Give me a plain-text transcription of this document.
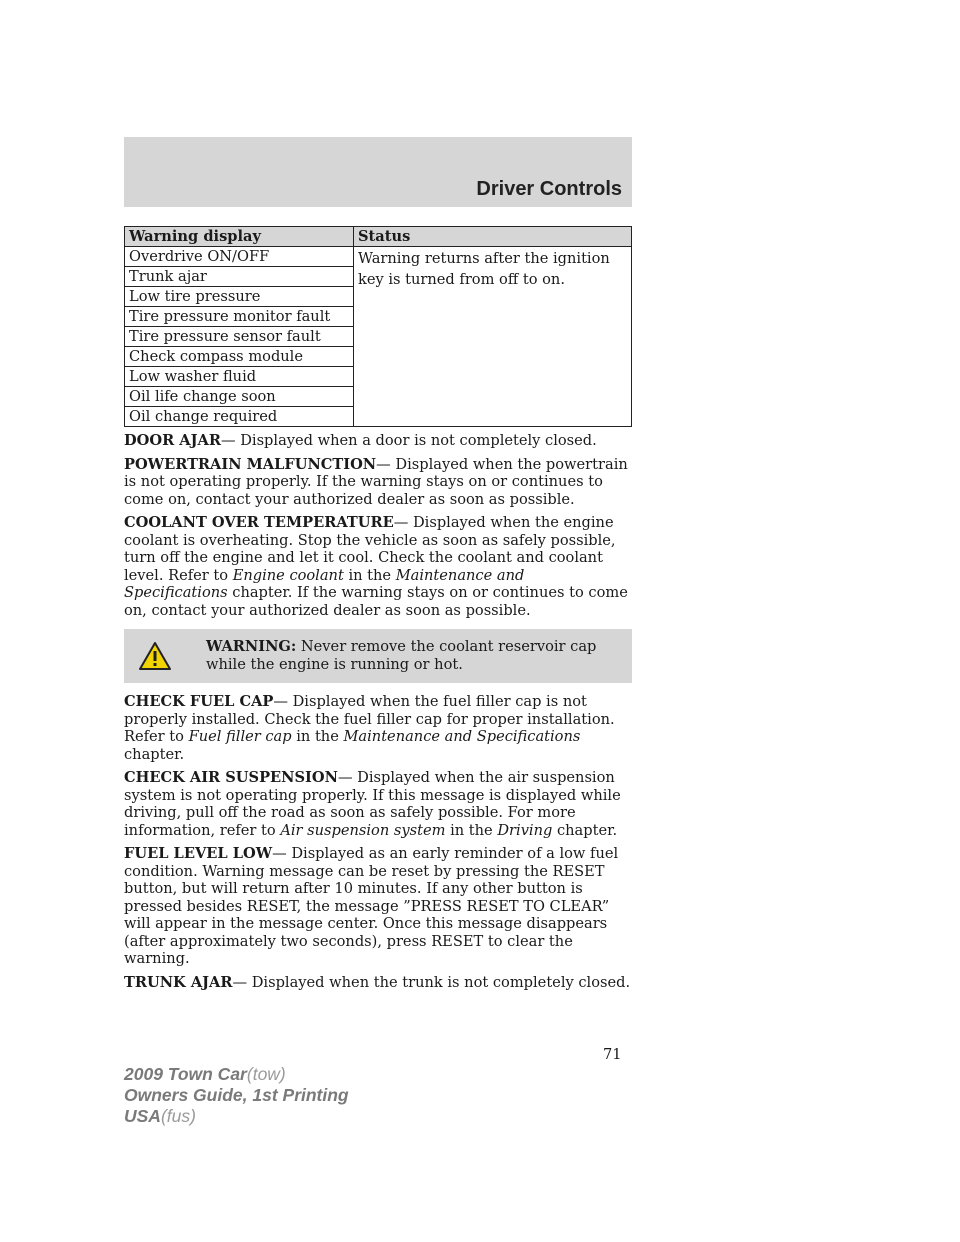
Driver Controls
Warning display	Status
Overdrive ON/OFF	Warning returns after the ignition key is turned from off to on.
Trunk ajar	
Low tire pressure	
Tire pressure monitor fault	
Tire pressure sensor fault	
Check compass module	
Low washer fluid	
Oil life change soon	
Oil change required	

DOOR AJAR— Displayed when a door is not completely closed.

POWERTRAIN MALFUNCTION— Displayed when the powertrain is not operating properly. If the warning stays on or continues to come on, contact your authorized dealer as soon as possible.

COOLANT OVER TEMPERATURE— Displayed when the engine coolant is overheating. Stop the vehicle as soon as safely possible, turn off the engine and let it cool. Check the coolant and coolant level. Refer to Engine coolant in the Maintenance and Specifications chapter. If the warning stays on or continues to come on, contact your authorized dealer as soon as possible.

WARNING: Never remove the coolant reservoir cap while the engine is running or hot.

CHECK FUEL CAP— Displayed when the fuel filler cap is not properly installed. Check the fuel filler cap for proper installation. Refer to Fuel filler cap in the Maintenance and Specifications chapter.

CHECK AIR SUSPENSION— Displayed when the air suspension system is not operating properly. If this message is displayed while driving, pull off the road as soon as safely possible. For more information, refer to Air suspension system in the Driving chapter.

FUEL LEVEL LOW— Displayed as an early reminder of a low fuel condition. Warning message can be reset by pressing the RESET button, but will return after 10 minutes. If any other button is pressed besides RESET, the message ”PRESS RESET TO CLEAR” will appear in the message center. Once this message disappears (after approximately two seconds), press RESET to clear the warning.

TRUNK AJAR— Displayed when the trunk is not completely closed.

71
2009 Town Car(tow)
Owners Guide, 1st Printing
USA(fus)
